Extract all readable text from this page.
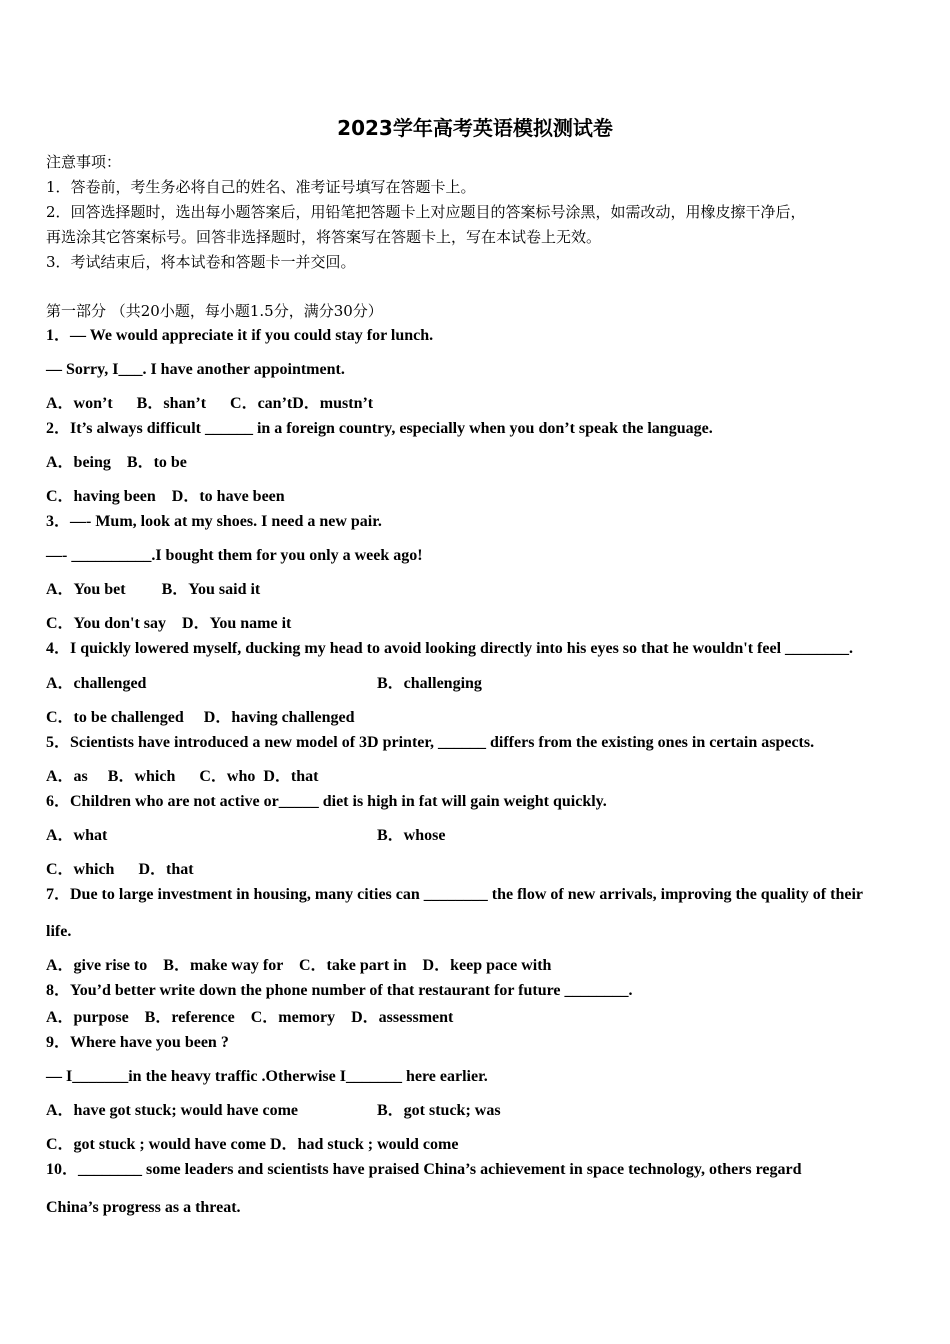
2023学年高考英语模拟测试卷
注意事项：
1．答卷前，考生务必将自己的姓名、准考证号填写在答题卡上。
2．回答选择题时，选出每小题答案后，用铅笔把答题卡上对应题目的答案标号涂黑，如需改动，用橡皮擦干净后，
再选涂其它答案标号。回答非选择题时，将答案写在答题卡上，写在本试卷上无效。
3．考试结束后，将本试卷和答题卡一并交回。
第一部分 （共20小题，每小题1.5分，满分30分）
1．— We would appreciate it if you could stay for lunch.
— Sorry, I___. I have another appointment.
A．won’t      B．shan’t      C．can’tD．mustn’t
2．It’s always difficult ______ in a foreign country, especially when you don’t speak the language.
A．being    B．to be
C．having been    D．to have been
3．—- Mum, look at my shoes. I need a new pair.
—- __________.I bought them for you only a week ago!
A．You bet         B．You said it
C．You don't say    D．You name it
4．I quickly lowered myself, ducking my head to avoid looking directly into his eyes so that he wouldn't feel ________.
A．challenged	B．challenging
C．to be challenged     D．having challenged
5．Scientists have introduced a new model of 3D printer, ______ differs from the existing ones in certain aspects.
A．as     B．which      C．who  D．that
6．Children who are not active or_____ diet is high in fat will gain weight quickly.
A．what	B．whose
C．which      D．that
7．Due to large investment in housing, many cities can ________ the flow of new arrivals, improving the quality of their
life.
A．give rise to    B．make way for    C．take part in    D．keep pace with
8．You’d better write down the phone number of that restaurant for future ________.
A．purpose    B．reference    C．memory    D．assessment
9．Where have you been ?
— I_______in the heavy traffic .Otherwise I_______ here earlier.
A．have got stuck; would have come	B．got stuck; was
C．got stuck ; would have come D．had stuck ; would come
10．________ some leaders and scientists have praised China’s achievement in space technology, others regard
China’s progress as a threat.
